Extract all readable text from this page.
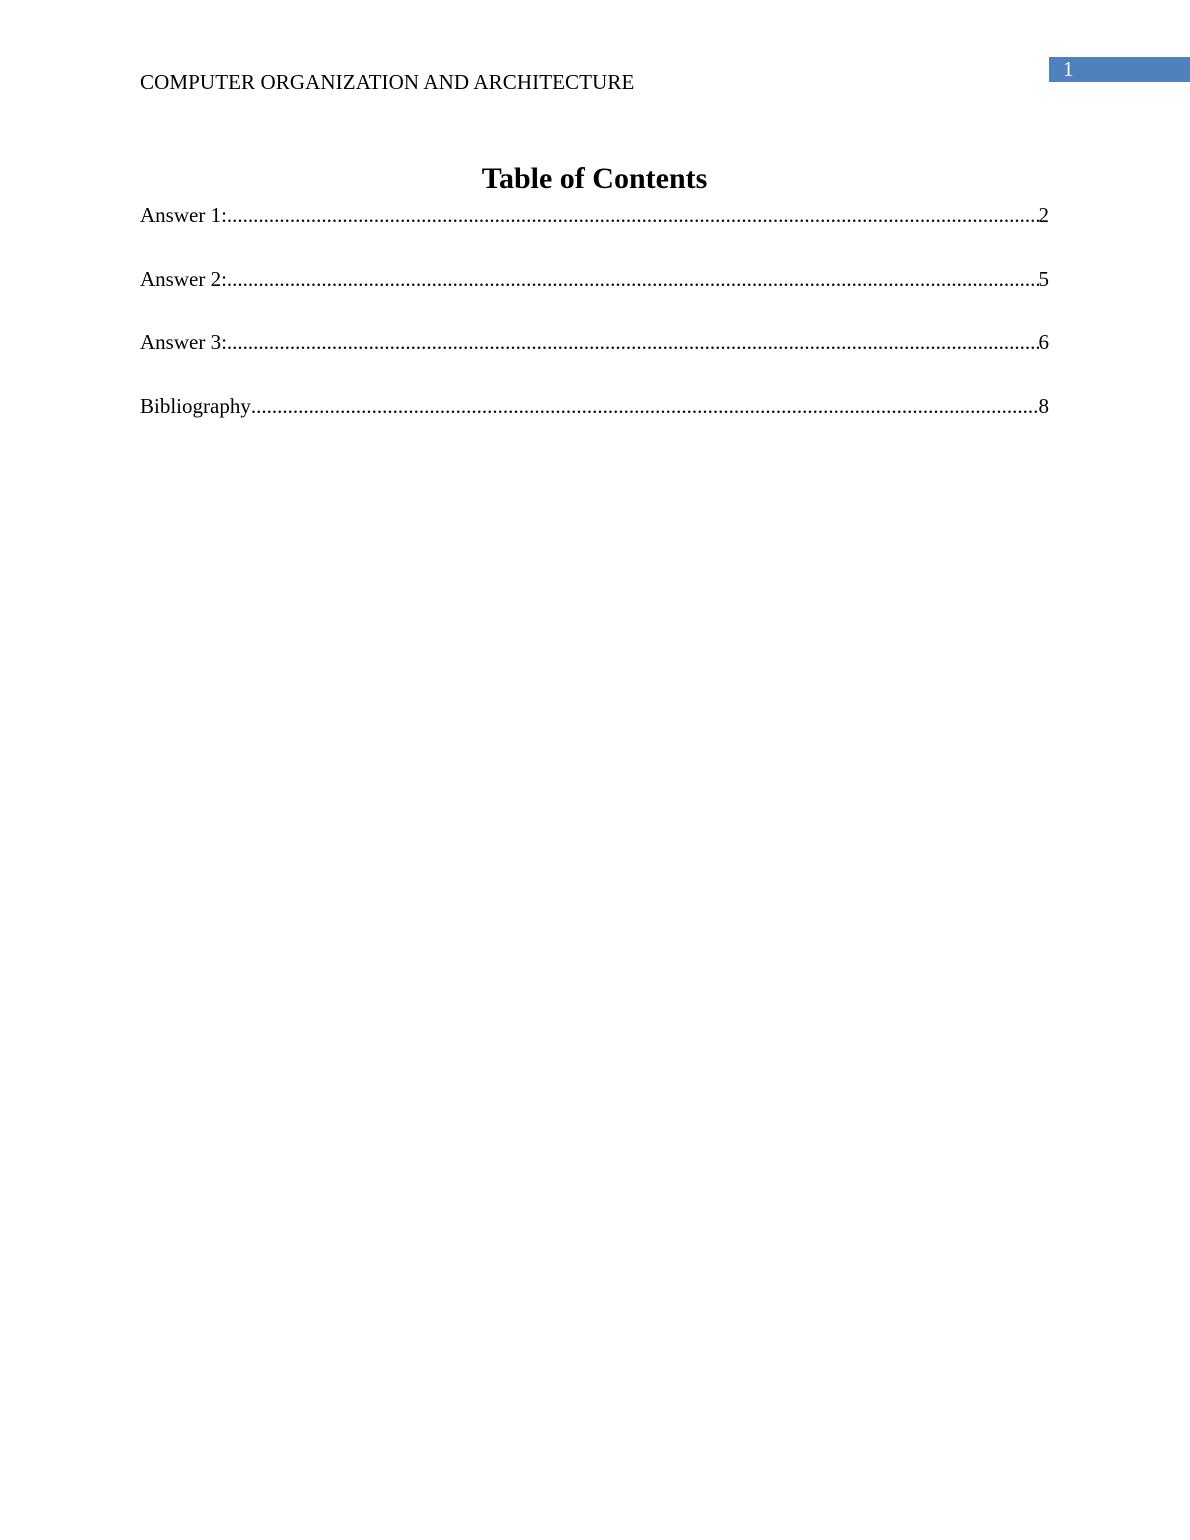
COMPUTER ORGANIZATION AND ARCHITECTURE
1
Table of Contents
Answer 1: .....	2
Answer 2: .....	5
Answer 3: .....	6
Bibliography .....	8
